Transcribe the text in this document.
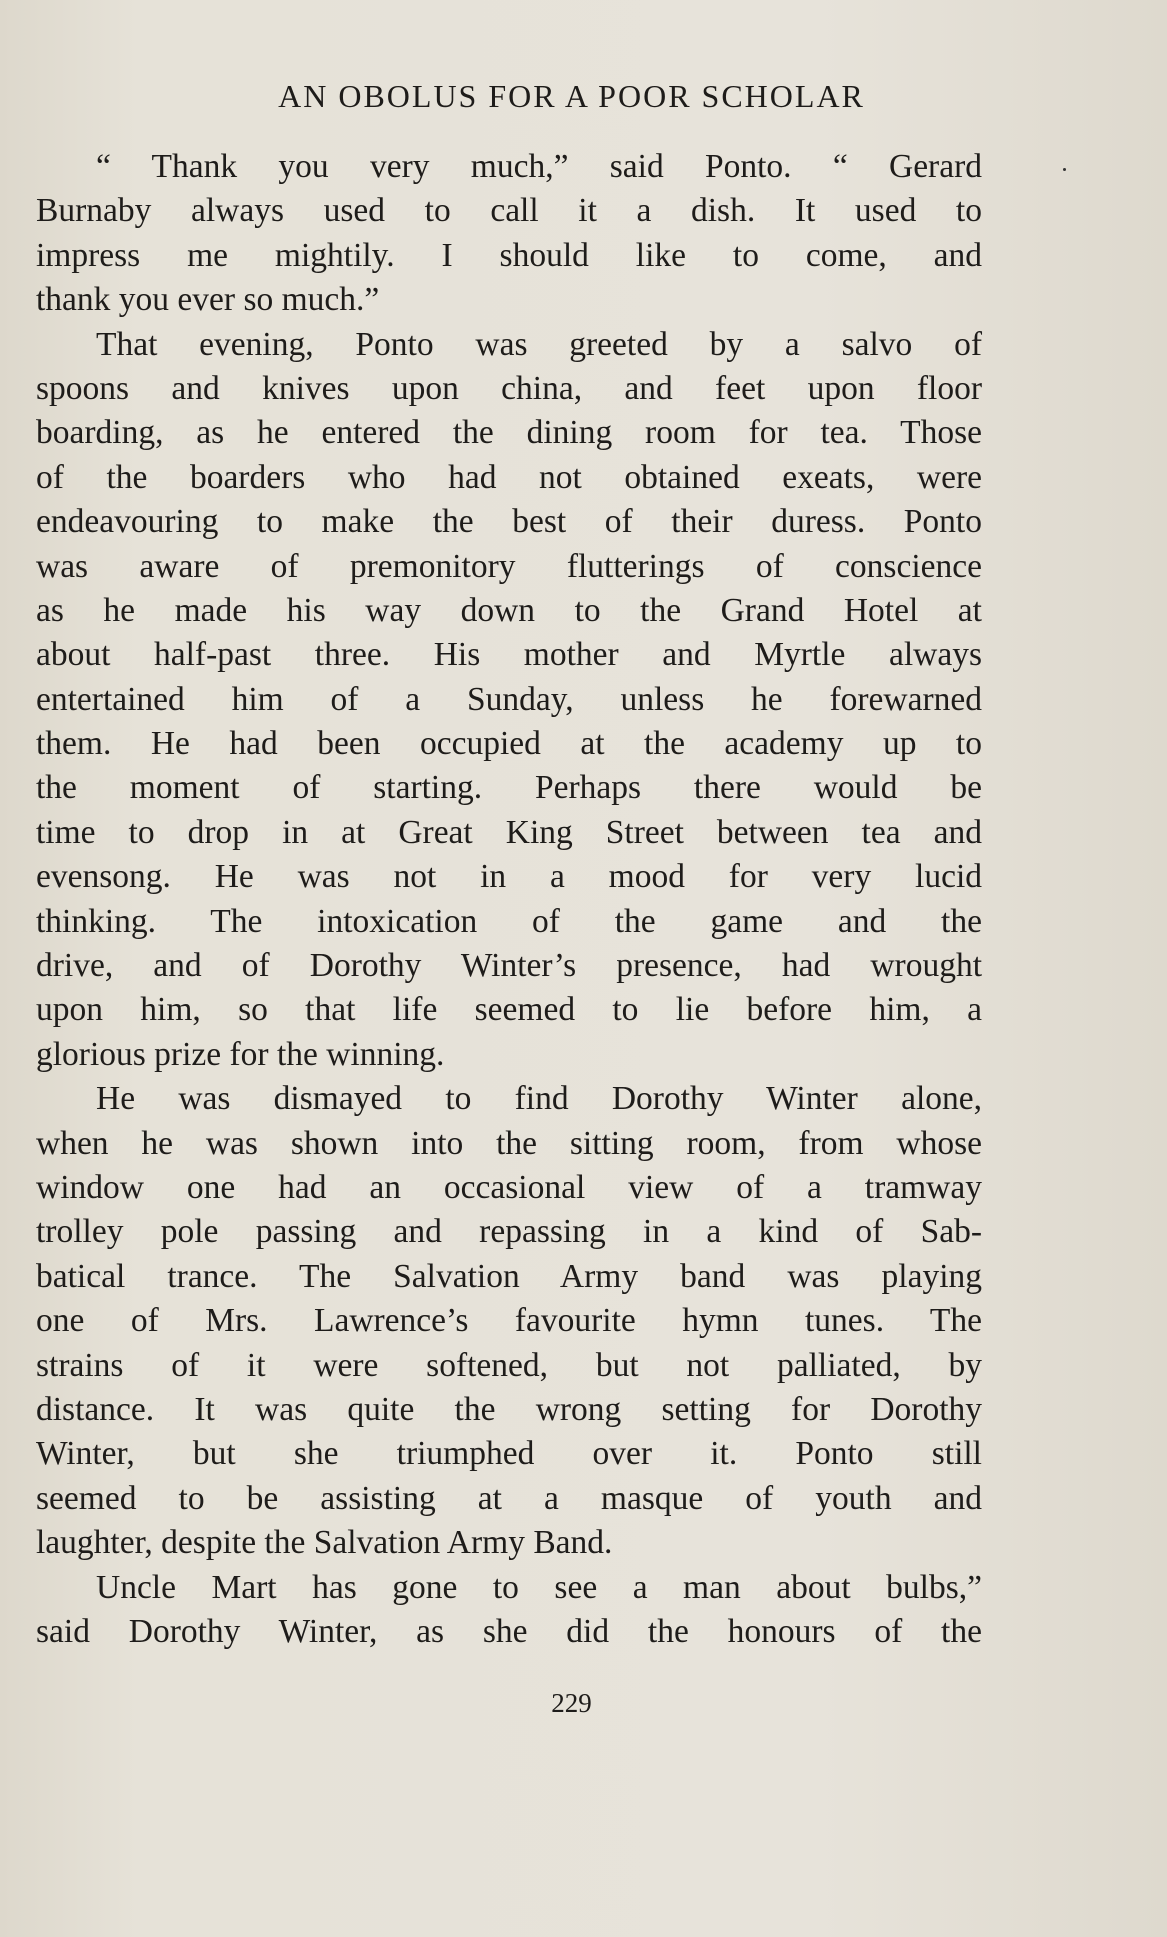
AN OBOLUS FOR A POOR SCHOLAR
“ Thank you very much,” said Ponto. “ Gerard
Burnaby always used to call it a dish. It used to
impress me mightily. I should like to come, and
thank you ever so much.”
That evening, Ponto was greeted by a salvo of
spoons and knives upon china, and feet upon floor
boarding, as he entered the dining room for tea. Those
of the boarders who had not obtained exeats, were
endeavouring to make the best of their duress. Ponto
was aware of premonitory flutterings of conscience
as he made his way down to the Grand Hotel at
about half-past three. His mother and Myrtle always
entertained him of a Sunday, unless he forewarned
them. He had been occupied at the academy up to
the moment of starting. Perhaps there would be
time to drop in at Great King Street between tea and
evensong. He was not in a mood for very lucid
thinking. The intoxication of the game and the
drive, and of Dorothy Winter’s presence, had wrought
upon him, so that life seemed to lie before him, a
glorious prize for the winning.
He was dismayed to find Dorothy Winter alone,
when he was shown into the sitting room, from whose
window one had an occasional view of a tramway
trolley pole passing and repassing in a kind of Sab-
batical trance. The Salvation Army band was playing
one of Mrs. Lawrence’s favourite hymn tunes. The
strains of it were softened, but not palliated, by
distance. It was quite the wrong setting for Dorothy
Winter, but she triumphed over it. Ponto still
seemed to be assisting at a masque of youth and
laughter, despite the Salvation Army Band.
Uncle Mart has gone to see a man about bulbs,”
said Dorothy Winter, as she did the honours of the
229
